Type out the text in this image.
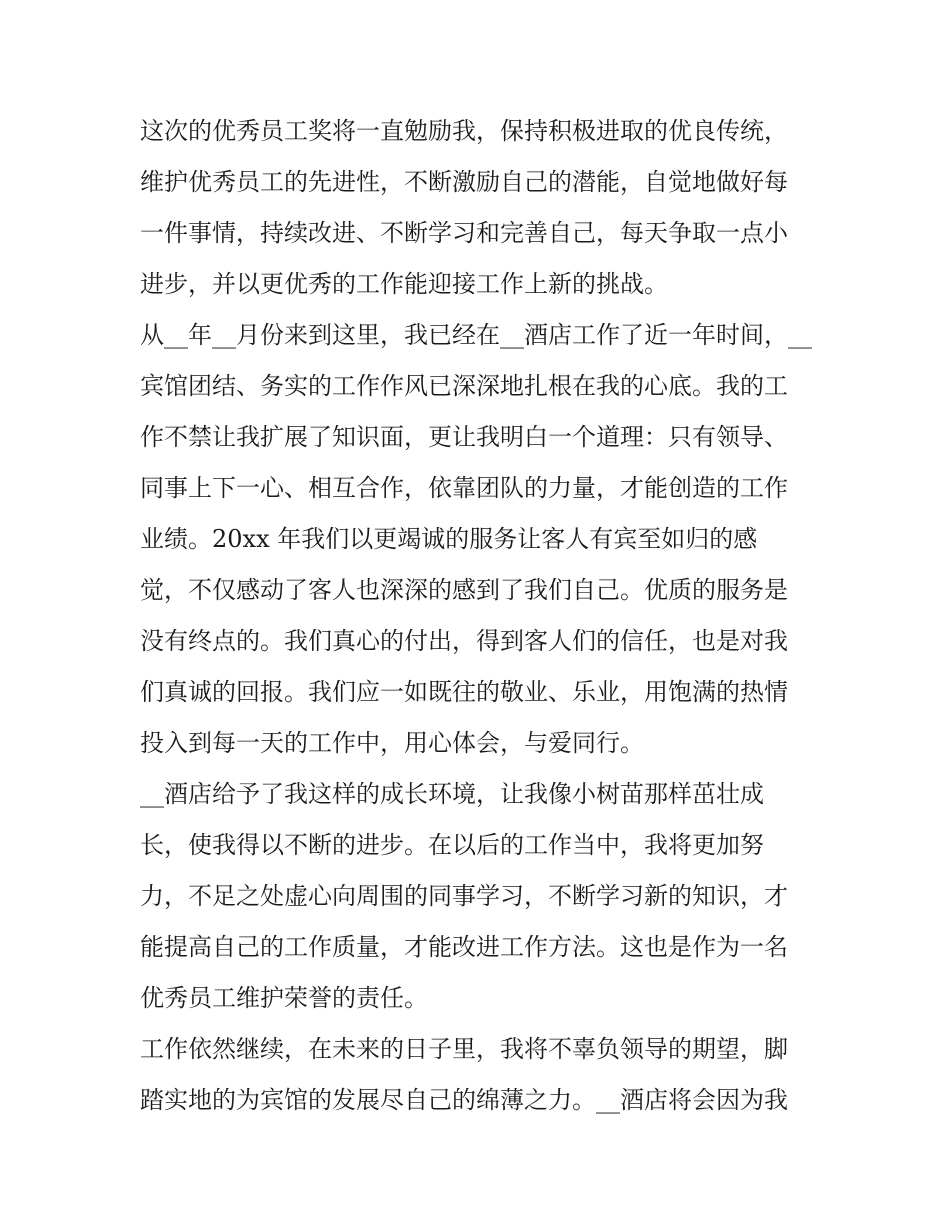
这次的优秀员工奖将一直勉励我，保持积极进取的优良传统，
维护优秀员工的先进性，不断激励自己的潜能，自觉地做好每
一件事情，持续改进、不断学习和完善自己，每天争取一点小
进步，并以更优秀的工作能迎接工作上新的挑战。
从__年__月份来到这里，我已经在__酒店工作了近一年时间，__
宾馆团结、务实的工作作风已深深地扎根在我的心底。我的工
作不禁让我扩展了知识面，更让我明白一个道理：只有领导、
同事上下一心、相互合作，依靠团队的力量，才能创造的工作
业绩。20xx 年我们以更竭诚的服务让客人有宾至如归的感
觉，不仅感动了客人也深深的感到了我们自己。优质的服务是
没有终点的。我们真心的付出，得到客人们的信任，也是对我
们真诚的回报。我们应一如既往的敬业、乐业，用饱满的热情
投入到每一天的工作中，用心体会，与爱同行。
__酒店给予了我这样的成长环境，让我像小树苗那样茁壮成
长，使我得以不断的进步。在以后的工作当中，我将更加努
力，不足之处虚心向周围的同事学习，不断学习新的知识，才
能提高自己的工作质量，才能改进工作方法。这也是作为一名
优秀员工维护荣誉的责任。
工作依然继续，在未来的日子里，我将不辜负领导的期望，脚
踏实地的为宾馆的发展尽自己的绵薄之力。__酒店将会因为我
